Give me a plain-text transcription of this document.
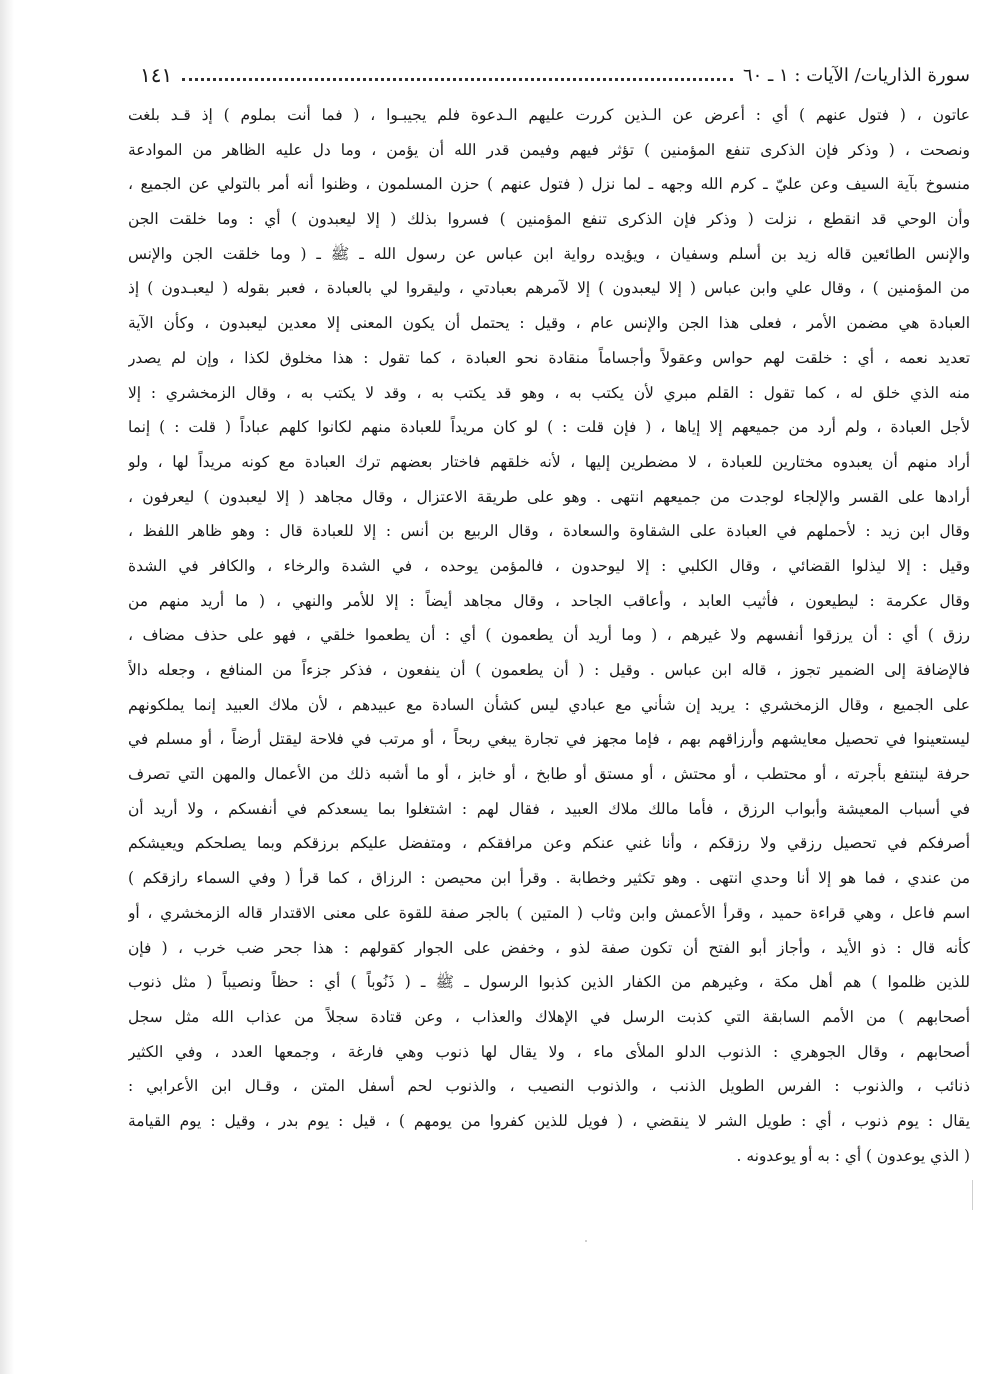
سورة الذاريات/ الآيات : ١ ـ ٦٠
١٤١
عاتون ، ( فتول عنهم ) أي : أعرض عن الـذين كررت عليهم الـدعوة فلم يجيبـوا ، ( فما أنت بملوم ) إذ قـد بلغت
ونصحت ، ( وذكر فإن الذكرى تنفع المؤمنين ) تؤثر فيهم وفيمن قدر الله أن يؤمن ، وما دل عليه الظاهر من الموادعة
منسوخ بآية السيف وعن عليّ ـ كرم الله وجهه ـ لما نزل ( فتول عنهم ) حزن المسلمون ، وظنوا أنه أمر بالتولي عن الجميع ،
وأن الوحي قد انقطع ، نزلت ( وذكر فإن الذكرى تنفع المؤمنين ) فسروا بذلك ( إلا ليعبدون ) أي : وما خلقت الجن
والإنس الطائعين قاله زيد بن أسلم وسفيان ، ويؤيده رواية ابن عباس عن رسول الله ـ ﷺ ـ ( وما خلقت الجن والإنس
من المؤمنين ) ، وقال علي وابن عباس ( إلا ليعبدون ) إلا لآمرهم بعبادتي ، وليقروا لي بالعبادة ، فعبر بقوله ( ليعبـدون ) إذ
العبادة هي مضمن الأمر ، فعلى هذا الجن والإنس عام ، وقيل : يحتمل أن يكون المعنى إلا معدين ليعبدون ، وكأن الآية
تعديد نعمه ، أي : خلقت لهم حواس وعقولاً وأجساماً منقادة نحو العبادة ، كما تقول : هذا مخلوق لكذا ، وإن لم يصدر
منه الذي خلق له ، كما تقول : القلم مبري لأن يكتب به ، وهو قد يكتب به ، وقد لا يكتب به ، وقال الزمخشري : إلا
لأجل العبادة ، ولم أرد من جميعهم إلا إياها ، ( فإن قلت : ) لو كان مريداً للعبادة منهم لكانوا كلهم عباداً ( قلت : ) إنما
أراد منهم أن يعبدوه مختارين للعبادة ، لا مضطرين إليها ، لأنه خلقهم فاختار بعضهم ترك العبادة مع كونه مريداً لها ، ولو
أرادها على القسر والإلجاء لوجدت من جميعهم انتهى . وهو على طريقة الاعتزال ، وقال مجاهد ( إلا ليعبدون ) ليعرفون ،
وقال ابن زيد : لأحملهم في العبادة على الشقاوة والسعادة ، وقال الربيع بن أنس : إلا للعبادة قال : وهو ظاهر اللفظ ،
وقيل : إلا ليذلوا القضائي ، وقال الكلبي : إلا ليوحدون ، فالمؤمن يوحده ، في الشدة والرخاء ، والكافر في الشدة
وقال عكرمة : ليطيعون ، فأثيب العابد ، وأعاقب الجاحد ، وقال مجاهد أيضاً : إلا للأمر والنهي ، ( ما أريد منهم من
رزق ) أي : أن يرزقوا أنفسهم ولا غيرهم ، ( وما أريد أن يطعمون ) أي : أن يطعموا خلقي ، فهو على حذف مضاف ،
فالإضافة إلى الضمير تجوز ، قاله ابن عباس . وقيل : ( أن يطعمون ) أن ينفعون ، فذكر جزءاً من المنافع ، وجعله دالاً
على الجميع ، وقال الزمخشري : يريد إن شأني مع عبادي ليس كشأن السادة مع عبيدهم ، لأن ملاك العبيد إنما يملكونهم
ليستعينوا في تحصيل معايشهم وأرزاقهم بهم ، فإما مجهز في تجارة يبغي ربحاً ، أو مرتب في فلاحة ليقتل أرضاً ، أو مسلم في
حرفة لينتفع بأجرته ، أو محتطب ، أو محتش ، أو مستق أو طابخ ، أو خابز ، أو ما أشبه ذلك من الأعمال والمهن التي تصرف
في أسباب المعيشة وأبواب الرزق ، فأما مالك ملاك العبيد ، فقال لهم : اشتغلوا بما يسعدكم في أنفسكم ، ولا أريد أن
أصرفكم في تحصيل رزقي ولا رزقكم ، وأنا غني عنكم وعن مرافقكم ، ومتفضل عليكم برزقكم وبما يصلحكم ويعيشكم
من عندي ، فما هو إلا أنا وحدي انتهى . وهو تكثير وخطابة . وقرأ ابن محيصن : الرزاق ، كما قرأ ( وفي السماء رازقكم )
اسم فاعل ، وهي قراءة حميد ، وقرأ الأعمش وابن وثاب ( المتين ) بالجر صفة للقوة على معنى الاقتدار قاله الزمخشري ، أو
كأنه قال : ذو الأيد ، وأجاز أبو الفتح أن تكون صفة لذو ، وخفض على الجوار كقولهم : هذا جحر ضب خرب ، ( فإن
للذين ظلموا ) هم أهل مكة ، وغيرهم من الكفار الذين كذبوا الرسول ـ ﷺ ـ ( ذَنُوباً ) أي : حظاً ونصيباً ( مثل ذنوب
أصحابهم ) من الأمم السابقة التي كذبت الرسل في الإهلاك والعذاب ، وعن قتادة سجلاً من عذاب الله مثل سجل
أصحابهم ، وقال الجوهري : الذنوب الدلو الملأى ماء ، ولا يقال لها ذنوب وهي فارغة ، وجمعها العدد ، وفي الكثير
ذنائب ، والذنوب : الفرس الطويل الذنب ، والذنوب النصيب ، والذنوب لحم أسفل المتن ، وقـال ابن الأعرابي :
يقال : يوم ذنوب ، أي : طويل الشر لا ينقضي ، ( فويل للذين كفروا من يومهم ) ، قيل : يوم بدر ، وقيل : يوم القيامة
( الذي يوعدون ) أي : به أو يوعدونه .
